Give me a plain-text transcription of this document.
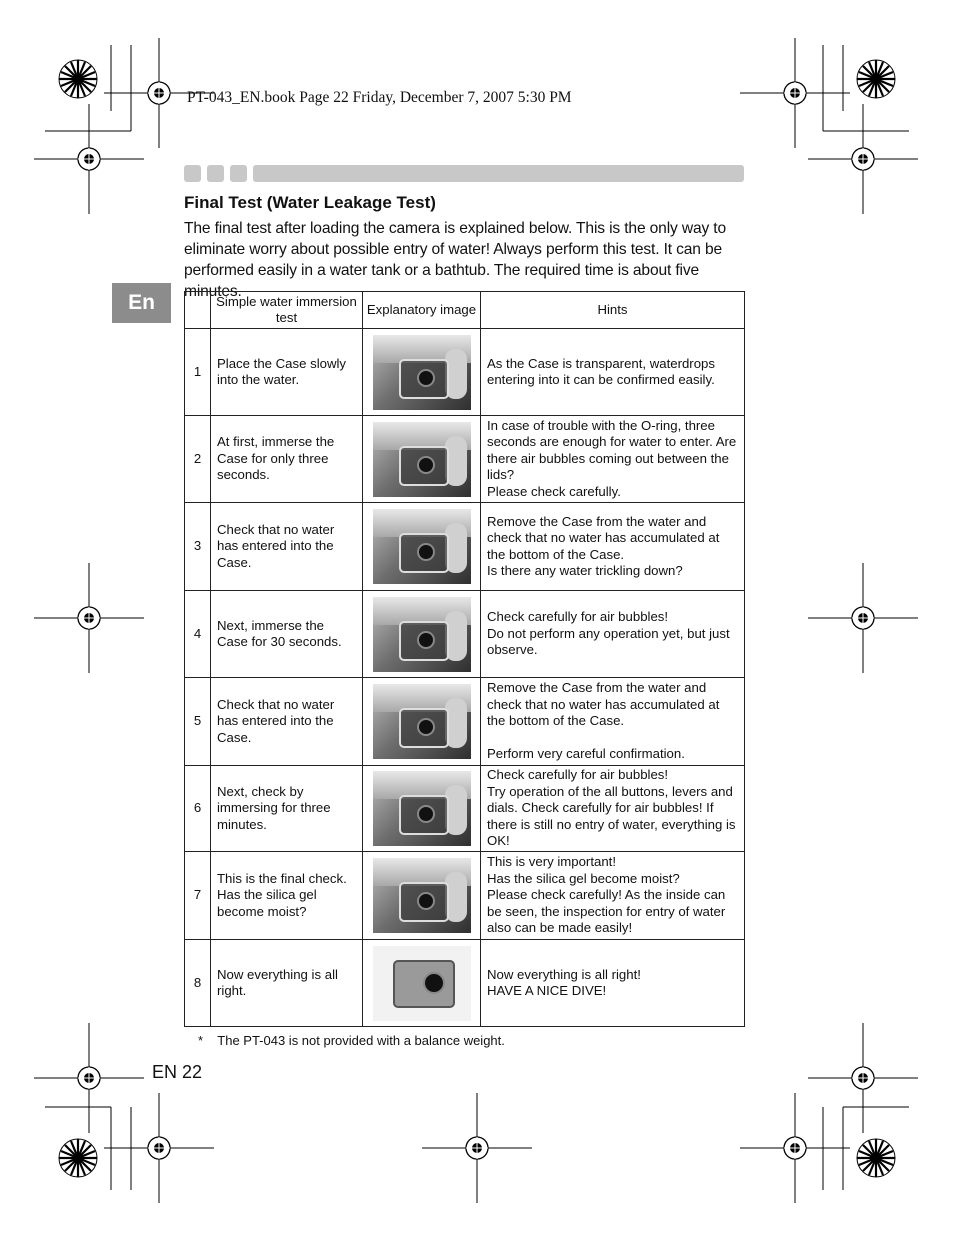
PT-043_EN.book Page 22 Friday, December 7, 2007 5:30 PM
Final Test (Water Leakage Test)
The final test after loading the camera is explained below. This is the only way to eliminate worry about possible entry of water! Always perform this test. It can be performed easily in a water tank or a bathtub. The required time is about five minutes.
En
		Simple water immersion test	Explanatory image	Hints
1	Place the Case slowly into the water.		As the Case is transparent, waterdrops entering into it can be confirmed easily.
2	At first, immerse the Case for only three seconds.		In case of trouble with the O-ring, three seconds are enough for water to enter. Are there air bubbles coming out between the lids?
Please check carefully.
3	Check that no water has entered into the Case.		Remove the Case from the water and check that no water has accumulated at the bottom of the Case.
Is there any water trickling down?
4	Next, immerse the Case for 30 seconds.		Check carefully for air bubbles!
Do not perform any operation yet, but just observe.
5	Check that no water has entered into the Case.		Remove the Case from the water and check that no water has accumulated at the bottom of the Case.

Perform very careful confirmation.
6	Next, check by immersing for three minutes.		Check carefully for air bubbles!
Try operation of the all buttons, levers and dials. Check carefully for air bubbles! If there is still no entry of water, everything is OK!
7	This is the final check. Has the silica gel become moist?		This is very important!
Has the silica gel become moist?
Please check carefully! As the inside can be seen, the inspection for entry of water also can be made easily!
8	Now everything is all right.		Now everything is all right!
HAVE A NICE DIVE!
*    The PT-043 is not provided with a balance weight.
EN 22
